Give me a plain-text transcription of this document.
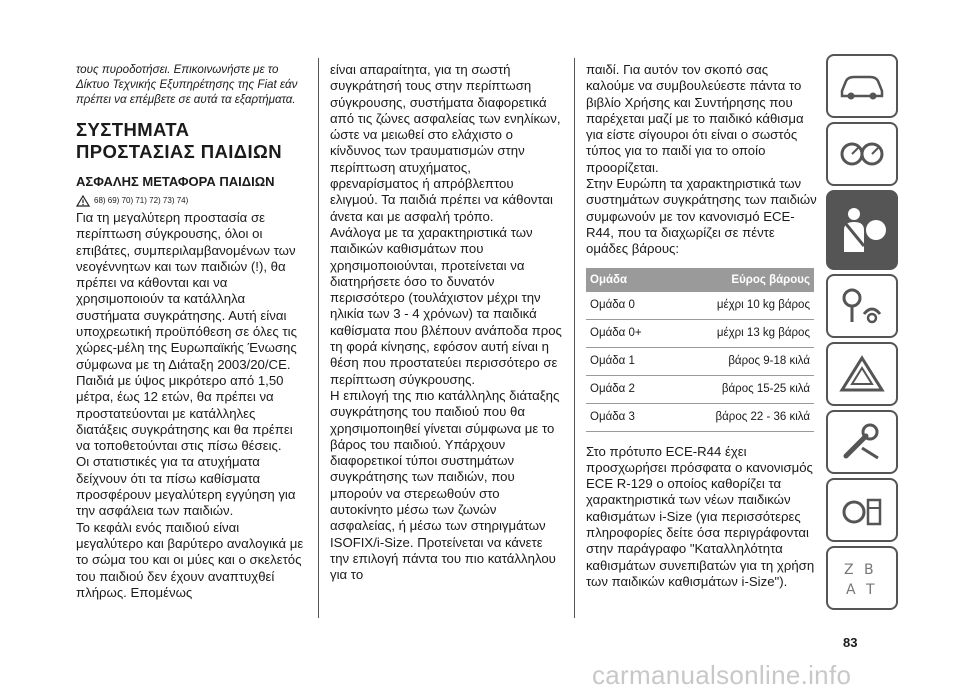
τους πυροδοτήσει. Επικοινωνήστε με το Δίκτυο Τεχνικής Εξυπηρέτησης της Fiat εάν πρέπει να επέμβετε σε αυτά τα εξαρτήματα.

ΣΥΣΤΗΜΑΤΑ ΠΡΟΣΤΑΣΙΑΣ ΠΑΙΔΙΩΝ
ΑΣΦΑΛΗΣ ΜΕΤΑΦΟΡΑ ΠΑΙΔΙΩΝ
68) 69) 70) 71) 72) 73) 74)

Για τη μεγαλύτερη προστασία σε περίπτωση σύγκρουσης, όλοι οι επιβάτες, συμπεριλαμβανομένων των νεογέννητων και των παιδιών (!), θα πρέπει να κάθονται και να χρησιμοποιούν τα κατάλληλα συστήματα συγκράτησης. Αυτή είναι υποχρεωτική προϋπόθεση σε όλες τις χώρες-μέλη της Ευρωπαϊκής Ένωσης σύμφωνα με τη Διάταξη 2003/20/CE.

Παιδιά με ύψος μικρότερο από 1,50 μέτρα, έως 12 ετών, θα πρέπει να προστατεύονται με κατάλληλες διατάξεις συγκράτησης και θα πρέπει να τοποθετούνται στις πίσω θέσεις.

Οι στατιστικές για τα ατυχήματα δείχνουν ότι τα πίσω καθίσματα προσφέρουν μεγαλύτερη εγγύηση για την ασφάλεια των παιδιών.

Το κεφάλι ενός παιδιού είναι μεγαλύτερο και βαρύτερο αναλογικά με το σώμα του και οι μύες και ο σκελετός του παιδιού δεν έχουν αναπτυχθεί πλήρως. Επομένως

είναι απαραίτητα, για τη σωστή συγκράτησή τους στην περίπτωση σύγκρουσης, συστήματα διαφορετικά από τις ζώνες ασφαλείας των ενηλίκων, ώστε να μειωθεί στο ελάχιστο ο κίνδυνος των τραυματισμών στην περίπτωση ατυχήματος, φρεναρίσματος ή απρόβλεπτου ελιγμού. Τα παιδιά πρέπει να κάθονται άνετα και με ασφαλή τρόπο.

Ανάλογα με τα χαρακτηριστικά των παιδικών καθισμάτων που χρησιμοποιούνται, προτείνεται να διατηρήσετε όσο το δυνατόν περισσότερο (τουλάχιστον μέχρι την ηλικία των 3 - 4 χρόνων) τα παιδικά καθίσματα που βλέπουν ανάποδα προς τη φορά κίνησης, εφόσον αυτή είναι η θέση που προστατεύει περισσότερο σε περίπτωση σύγκρουσης.

Η επιλογή της πιο κατάλληλης διάταξης συγκράτησης του παιδιού που θα χρησιμοποιηθεί γίνεται σύμφωνα με το βάρος του παιδιού. Υπάρχουν διαφορετικοί τύποι συστημάτων συγκράτησης των παιδιών, που μπορούν να στερεωθούν στο αυτοκίνητο μέσω των ζωνών ασφαλείας, ή μέσω των στηριγμάτων ISOFIX/i-Size. Προτείνεται να κάνετε την επιλογή πάντα του πιο κατάλληλου για το

παιδί. Για αυτόν τον σκοπό σας καλούμε να συμβουλεύεστε πάντα το βιβλίο Χρήσης και Συντήρησης που παρέχεται μαζί με το παιδικό κάθισμα για είστε σίγουροι ότι είναι ο σωστός τύπος για το παιδί για το οποίο προορίζεται.

Στην Ευρώπη τα χαρακτηριστικά των συστημάτων συγκράτησης των παιδιών συμφωνούν με τον κανονισμό ECE-R44, που τα διαχωρίζει σε πέντε ομάδες βάρους:

Ομάδα	Εύρος βάρους
Ομάδα 0	μέχρι 10 kg βάρος
Ομάδα 0+	μέχρι 13 kg βάρος
Ομάδα 1	βάρος 9-18 κιλά
Ομάδα 2	βάρος 15-25 κιλά
Ομάδα 3	βάρος 22 - 36 κιλά

Στο πρότυπο ECE-R44 έχει προσχωρήσει πρόσφατα ο κανονισμός ECE R-129 ο οποίος καθορίζει τα χαρακτηριστικά των νέων παιδικών καθισμάτων i-Size (για περισσότερες πληροφορίες δείτε όσα περιγράφονται στην παράγραφο "Καταλληλότητα καθισμάτων συνεπιβατών για τη χρήση των παιδικών καθισμάτων i-Size").

Z B
A T
83
carmanualsonline.info
